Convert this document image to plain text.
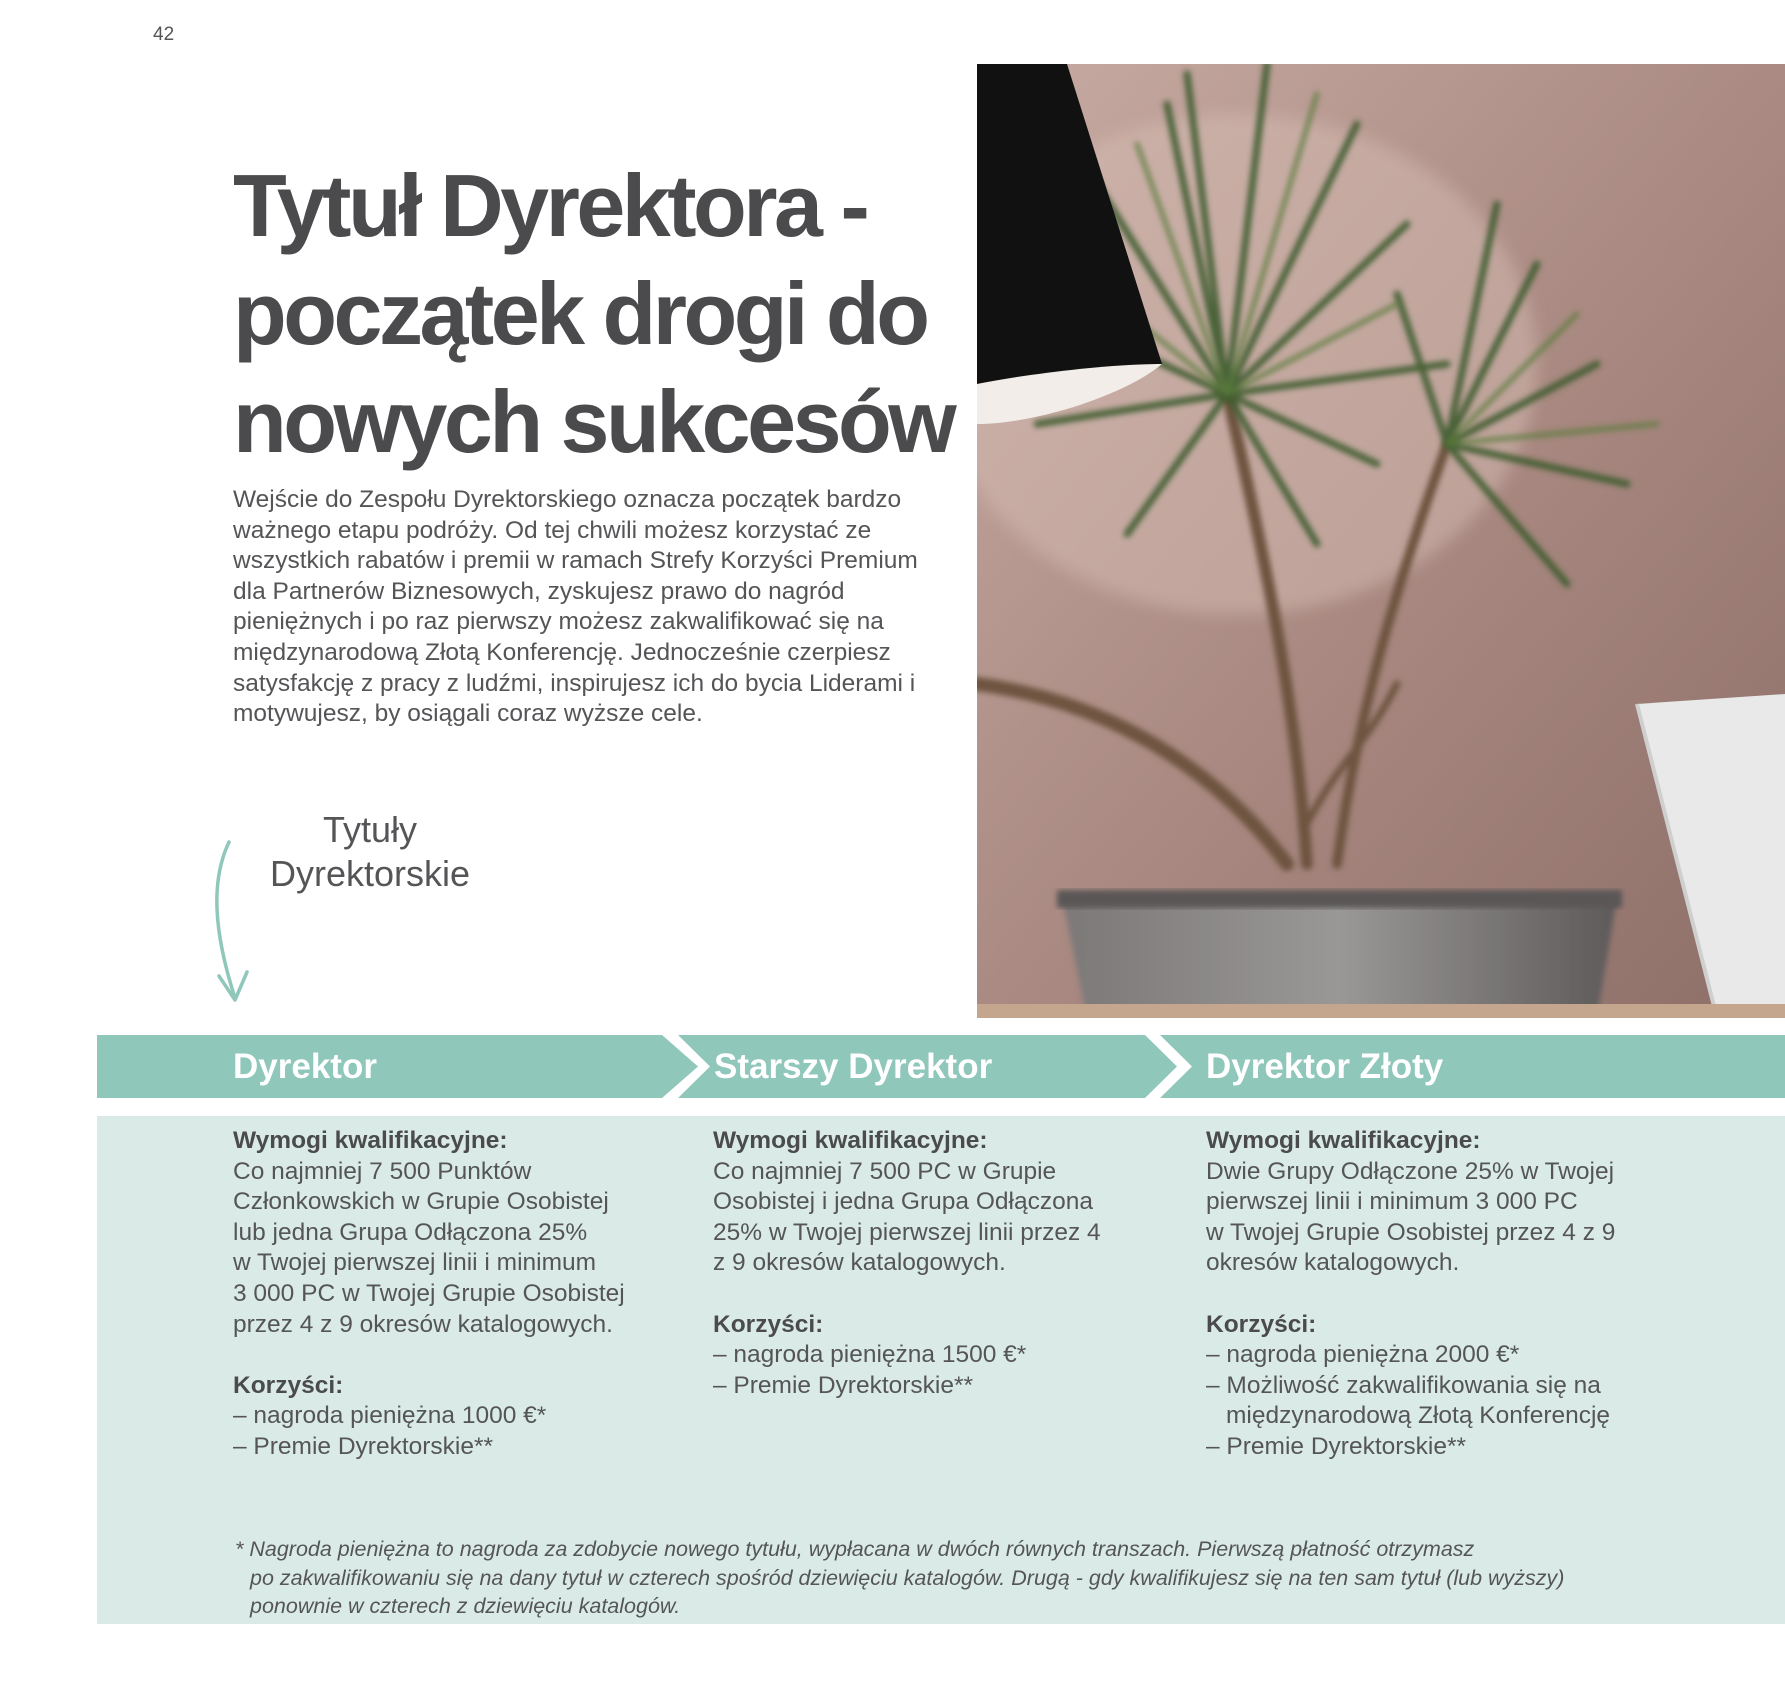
42
Tytuł Dyrektora - początek drogi do nowych sukcesów

Wejście do Zespołu Dyrektorskiego oznacza początek bardzo ważnego etapu podróży. Od tej chwili możesz korzystać ze wszystkich rabatów i premii w ramach Strefy Korzyści Premium dla Partnerów Biznesowych, zyskujesz prawo do nagród pieniężnych i po raz pierwszy możesz zakwalifikować się na międzynarodową Złotą Konferencję. Jednocześnie czerpiesz satysfakcję z pracy z ludźmi, inspirujesz ich do bycia Liderami i motywujesz, by osiągali coraz wyższe cele.

Tytuły
Dyrektorskie
Dyrektor	Starszy Dyrektor	Dyrektor Złoty

Wymogi kwalifikacyjne:

Co najmniej 7 500 Punktów

Członkowskich w Grupie Osobistej

lub jedna Grupa Odłączona 25%

w Twojej pierwszej linii i minimum

3 000 PC w Twojej Grupie Osobistej

przez 4 z 9 okresów katalogowych.

Korzyści:

– nagroda pieniężna 1000 €*

– Premie Dyrektorskie**

Wymogi kwalifikacyjne:

Co najmniej 7 500 PC w Grupie

Osobistej i jedna Grupa Odłączona

25% w Twojej pierwszej linii przez 4

z 9 okresów katalogowych.

Korzyści:

– nagroda pieniężna 1500 €*

– Premie Dyrektorskie**

Wymogi kwalifikacyjne:

Dwie Grupy Odłączone 25% w Twojej

pierwszej linii i minimum 3 000 PC

w Twojej Grupie Osobistej przez 4 z 9

okresów katalogowych.

Korzyści:

– nagroda pieniężna 2000 €*

– Możliwość zakwalifikowania się na

międzynarodową Złotą Konferencję

– Premie Dyrektorskie**

* Nagroda pieniężna to nagroda za zdobycie nowego tytułu, wypłacana w dwóch równych transzach. Pierwszą płatność otrzymasz
po zakwalifikowaniu się na dany tytuł w czterech spośród dziewięciu katalogów. Drugą - gdy kwalifikujesz się na ten sam tytuł (lub wyższy)
ponownie w czterech z dziewięciu katalogów.
